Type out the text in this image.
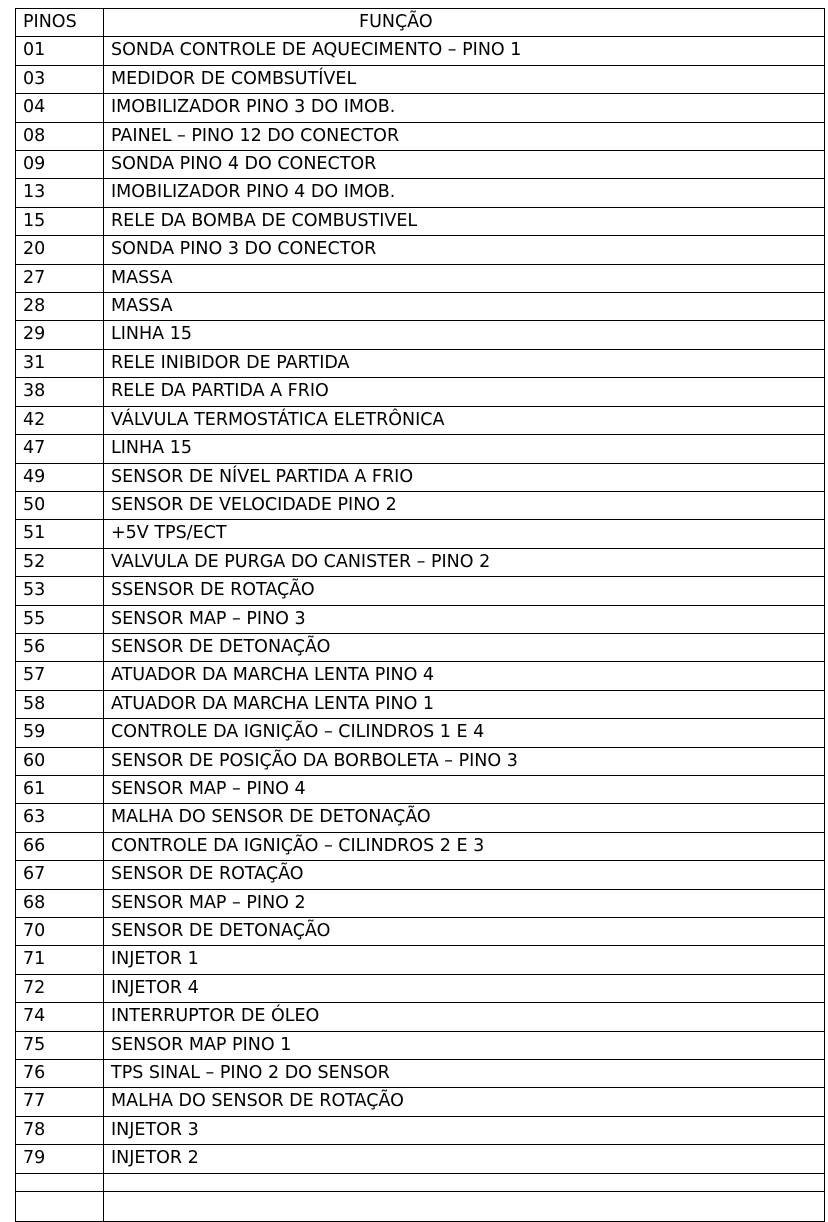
PINOS	FUNÇÃO
01	SONDA CONTROLE DE AQUECIMENTO – PINO 1
03	MEDIDOR DE COMBSUTÍVEL
04	IMOBILIZADOR PINO 3 DO IMOB.
08	PAINEL – PINO 12 DO CONECTOR
09	SONDA PINO 4 DO CONECTOR
13	IMOBILIZADOR PINO 4 DO IMOB.
15	RELE DA BOMBA DE COMBUSTIVEL
20	SONDA PINO 3 DO CONECTOR
27	MASSA
28	MASSA
29	LINHA 15
31	RELE INIBIDOR DE PARTIDA
38	RELE DA PARTIDA A FRIO
42	VÁLVULA TERMOSTÁTICA ELETRÔNICA
47	LINHA 15
49	SENSOR DE NÍVEL PARTIDA A FRIO
50	SENSOR DE VELOCIDADE PINO 2
51	+5V TPS/ECT
52	VALVULA DE PURGA DO CANISTER – PINO 2
53	SSENSOR DE ROTAÇÃO
55	SENSOR MAP – PINO 3
56	SENSOR DE DETONAÇÃO
57	ATUADOR DA MARCHA LENTA PINO 4
58	ATUADOR DA MARCHA LENTA PINO 1
59	CONTROLE DA IGNIÇÃO – CILINDROS 1 E 4
60	SENSOR DE POSIÇÃO DA BORBOLETA – PINO 3
61	SENSOR MAP – PINO 4
63	MALHA DO SENSOR DE DETONAÇÃO
66	CONTROLE DA IGNIÇÃO – CILINDROS 2 E 3
67	SENSOR DE ROTAÇÃO
68	SENSOR MAP – PINO 2
70	SENSOR DE DETONAÇÃO
71	INJETOR 1
72	INJETOR 4
74	INTERRUPTOR DE ÓLEO
75	SENSOR MAP PINO 1
76	TPS SINAL – PINO 2 DO SENSOR
77	MALHA DO SENSOR DE ROTAÇÃO
78	INJETOR 3
79	INJETOR 2
